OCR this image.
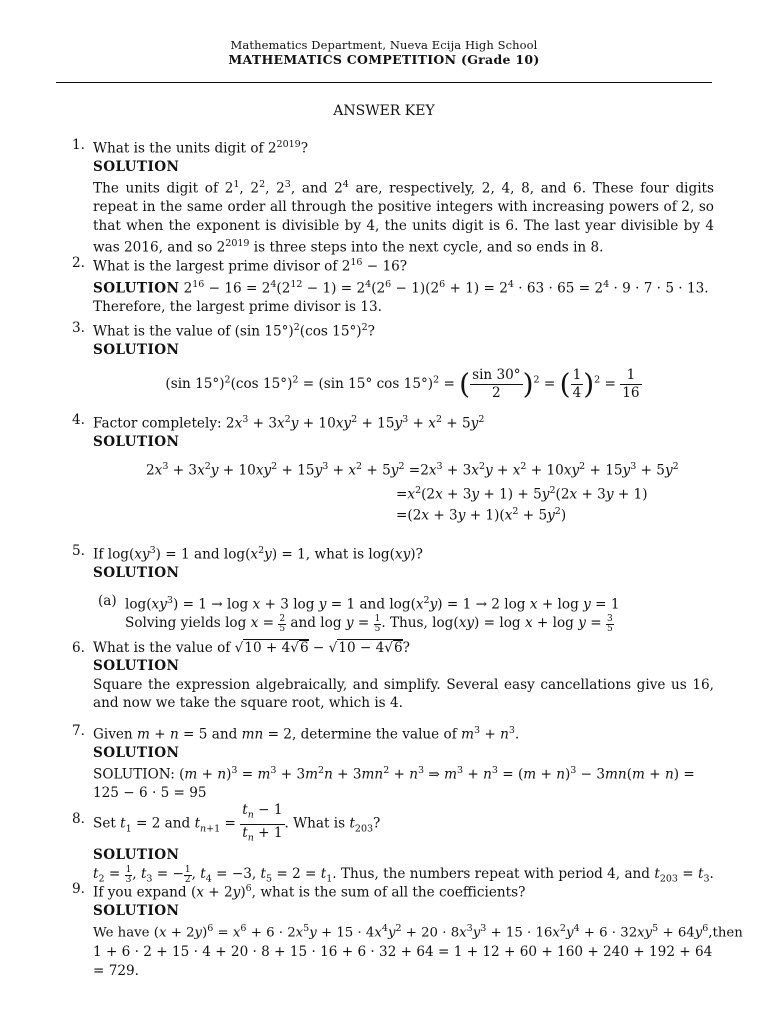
Mathematics Department, Nueva Ecija High School
MATHEMATICS COMPETITION (Grade 10)
ANSWER KEY
1. What is the units digit of $2^{2019}$?
SOLUTION
The units digit of $2^1$, $2^2$, $2^3$, and $2^4$ are, respectively, 2, 4, 8, and 6. These four digits repeat in the same order all through the positive integers with increasing powers of 2, so that when the exponent is divisible by 4, the units digit is 6. The last year divisible by 4 was 2016, and so $2^{2019}$ is three steps into the next cycle, and so ends in 8.
2. What is the largest prime divisor of $2^{16} - 16$?
SOLUTION $2^{16} - 16 = 2^4(2^{12} - 1) = 2^4(2^6 - 1)(2^6 + 1) = 2^4 \cdot 63 \cdot 65 = 2^4 \cdot 9 \cdot 7 \cdot 5 \cdot 13$.
Therefore, the largest prime divisor is 13.
3. What is the value of (sin 15°)$^2$(cos 15°)$^2$?
SOLUTION
(sin 15°)$^2$(cos 15°)$^2$ = (sin 15° cos 15°)$^2$ = ( $\frac{\sin 30^\circ}{2} )^2$ = ( $\frac{1}{4} )^2 = \frac{1}{16}$
4. Factor completely: $2x^3 + 3x^2y + 10xy^2 + 15y^3 + x^2 + 5y^2$
SOLUTION
$2x^3 + 3x^2y + 10xy^2 + 15y^3 + x^2 + 5y^2 =2x^3 + 3x^2y + x^2 + 10xy^2 + 15y^3 + 5y^2$
$=x^2(2x + 3y + 1) + 5y^2(2x + 3y + 1)$
$=(2x + 3y + 1)(x^2 + 5y^2)$
5. If $\log(xy^3) = 1$ and $\log(x^2y) = 1$, what is log(xy)?
SOLUTION
(a) $\log(xy^3) = 1 \to \log x + 3$ log y = 1 and $\log(x^2y) = 1 \to 2$ log x + log y = 1
Solving yields $\log x = \frac{2}{5}$ and $\log y = \frac{1}{5}$ . Thus, $\log(xy) = \log x + \log y = \frac{3}{5}$
6. What is the value of √10 + 4√6 − √10 − 4√6?
SOLUTION
Square the expression algebraically, and simplify. Several easy cancellations give us 16, and now we take the square root, which is 4.
7. Given m + n = 5 and mn = 2, determine the value of $m^3 + n^3$.
SOLUTION
SOLUTION: $(m + n)^3 = m^3 + 3m^2n + 3mn^2 + n^3$ ⇒ $m^3 + n^3 = (m + n)^3 - 3mn(m + n)$ =
125 − 6 · 5 = 95
8. Set $t_1 = 2$ and $t_{n+1} = \frac{t_n - 1}{t_n + 1}$ . What is $t_{203}$?
SOLUTION
$t_2 = \frac{1}{3}$ , $t_3$ = − $\frac{1}{2}$ , $t_4 = -3$, $t_5 = 2 = t_1$. Thus, the numbers repeat with period 4, and $t_{203} = t_3$.
9. If you expand $(x + 2y)^6$, what is the sum of all the coefficients?
SOLUTION
We have $(x + 2y)^6 = x^6 + 6 \cdot 2x^5y + 15 \cdot 4x^4y^2 + 20 \cdot 8x^3y^3 + 15 \cdot 16x^2y^4 + 6 \cdot 32xy^5$ + $64y^6,then$
1 + 6 · 2 + 15 · 4 + 20 · 8 + 15 · 16 + 6 · 32 + 64 = 1 + 12 + 60 + 160 + 240 + 192 + 64 = 729.
